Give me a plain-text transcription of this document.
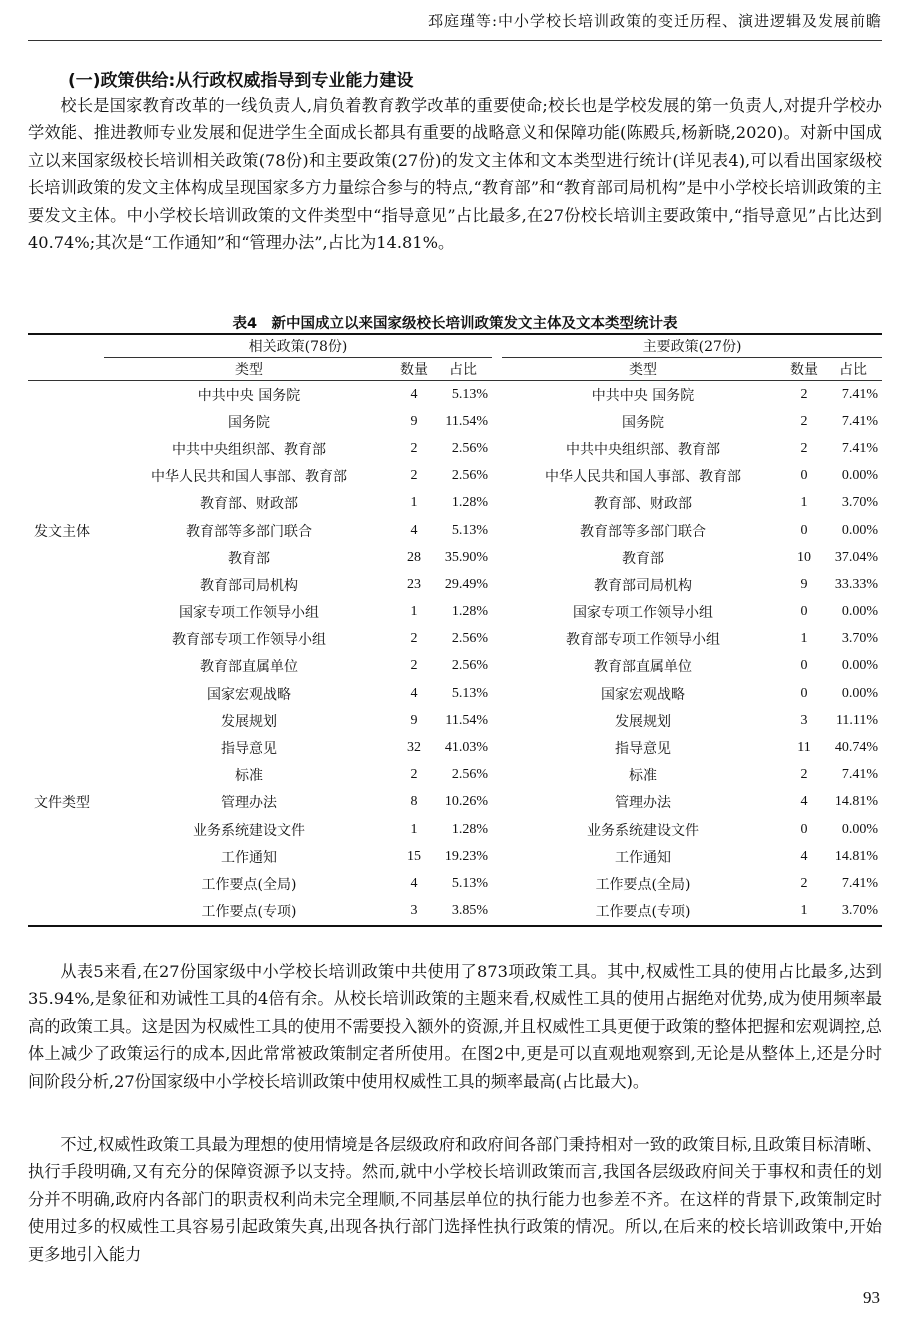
邳庭瑾等:中小学校长培训政策的变迁历程、演进逻辑及发展前瞻
(一)政策供给:从行政权威指导到专业能力建设

校长是国家教育改革的一线负责人,肩负着教育教学改革的重要使命;校长也是学校发展的第一负责人,对提升学校办学效能、推进教师专业发展和促进学生全面成长都具有重要的战略意义和保障功能(陈殿兵,杨新晓,2020)。对新中国成立以来国家级校长培训相关政策(78份)和主要政策(27份)的发文主体和文本类型进行统计(详见表4),可以看出国家级校长培训政策的发文主体构成呈现国家多方力量综合参与的特点,“教育部”和“教育部司局机构”是中小学校长培训政策的主要发文主体。中小学校长培训政策的文件类型中“指导意见”占比最多,在27份校长培训主要政策中,“指导意见”占比达到40.74%;其次是“工作通知”和“管理办法”,占比为14.81%。

表4　新中国成立以来国家级校长培训政策发文主体及文本类型统计表
	相关政策(78份)				主要政策(27份)		
	类型	数量	占比		类型	数量	占比
发文主体	中共中央 国务院	4	5.13%		中共中央 国务院	2	7.41%
	国务院	9	11.54%		国务院	2	7.41%
	中共中央组织部、教育部	2	2.56%		中共中央组织部、教育部	2	7.41%
	中华人民共和国人事部、教育部	2	2.56%		中华人民共和国人事部、教育部	0	0.00%
	教育部、财政部	1	1.28%		教育部、财政部	1	3.70%
	教育部等多部门联合	4	5.13%		教育部等多部门联合	0	0.00%
	教育部	28	35.90%		教育部	10	37.04%
	教育部司局机构	23	29.49%		教育部司局机构	9	33.33%
	国家专项工作领导小组	1	1.28%		国家专项工作领导小组	0	0.00%
	教育部专项工作领导小组	2	2.56%		教育部专项工作领导小组	1	3.70%
	教育部直属单位	2	2.56%		教育部直属单位	0	0.00%
文件类型	国家宏观战略	4	5.13%		国家宏观战略	0	0.00%
	发展规划	9	11.54%		发展规划	3	11.11%
	指导意见	32	41.03%		指导意见	11	40.74%
	标准	2	2.56%		标准	2	7.41%
	管理办法	8	10.26%		管理办法	4	14.81%
	业务系统建设文件	1	1.28%		业务系统建设文件	0	0.00%
	工作通知	15	19.23%		工作通知	4	14.81%
	工作要点(全局)	4	5.13%		工作要点(全局)	2	7.41%
	工作要点(专项)	3	3.85%		工作要点(专项)	1	3.70%

从表5来看,在27份国家级中小学校长培训政策中共使用了873项政策工具。其中,权威性工具的使用占比最多,达到35.94%,是象征和劝诫性工具的4倍有余。从校长培训政策的主题来看,权威性工具的使用占据绝对优势,成为使用频率最高的政策工具。这是因为权威性工具的使用不需要投入额外的资源,并且权威性工具更便于政策的整体把握和宏观调控,总体上减少了政策运行的成本,因此常常被政策制定者所使用。在图2中,更是可以直观地观察到,无论是从整体上,还是分时间阶段分析,27份国家级中小学校长培训政策中使用权威性工具的频率最高(占比最大)。

不过,权威性政策工具最为理想的使用情境是各层级政府和政府间各部门秉持相对一致的政策目标,且政策目标清晰、执行手段明确,又有充分的保障资源予以支持。然而,就中小学校长培训政策而言,我国各层级政府间关于事权和责任的划分并不明确,政府内各部门的职责权利尚未完全理顺,不同基层单位的执行能力也参差不齐。在这样的背景下,政策制定时使用过多的权威性工具容易引起政策失真,出现各执行部门选择性执行政策的情况。所以,在后来的校长培训政策中,开始更多地引入能力

93
